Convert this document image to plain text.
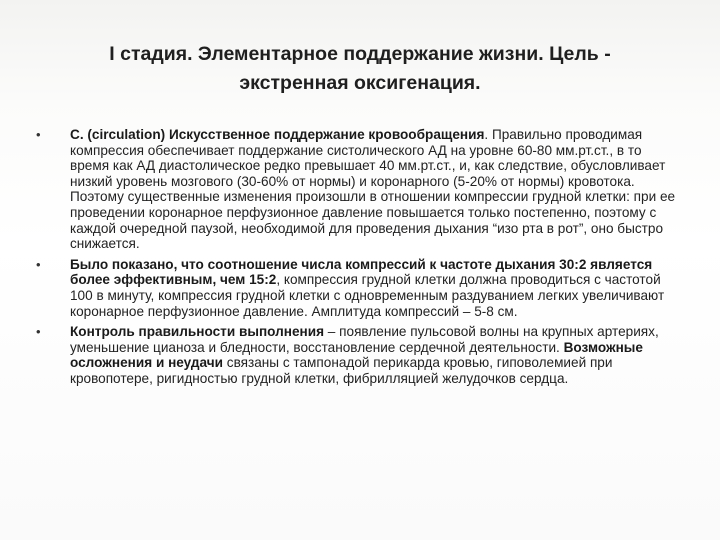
I стадия. Элементарное поддержание жизни. Цель -
экстренная оксигенация.
•	С. (circulation) Искусственное поддержание кровообращения. Правильно проводимая компрессия обеспечивает поддержание систолического АД на уровне 60-80 мм.рт.ст., в то время как АД диастолическое редко превышает 40 мм.рт.ст., и, как следствие, обусловливает низкий уровень мозгового (30-60% от нормы) и коронарного (5-20% от нормы) кровотока. Поэтому существенные изменения произошли в отношении компрессии грудной клетки: при ее проведении коронарное перфузионное давление повышается только постепенно, поэтому с каждой очередной паузой, необходимой для проведения дыхания “изо рта в рот”, оно быстро снижается.
•	Было показано, что соотношение числа компрессий к частоте дыхания 30:2 является более эффективным, чем 15:2, компрессия грудной клетки должна проводиться с частотой 100 в минуту, компрессия грудной клетки с одновременным раздуванием легких увеличивают коронарное перфузионное давление. Амплитуда компрессий – 5-8 см.
•	Контроль правильности выполнения – появление пульсовой волны на крупных артериях, уменьшение цианоза и бледности, восстановление сердечной деятельности. Возможные осложнения и неудачи связаны с тампонадой перикарда кровью, гиповолемией при кровопотере, ригидностью грудной клетки, фибрилляцией желудочков сердца.
